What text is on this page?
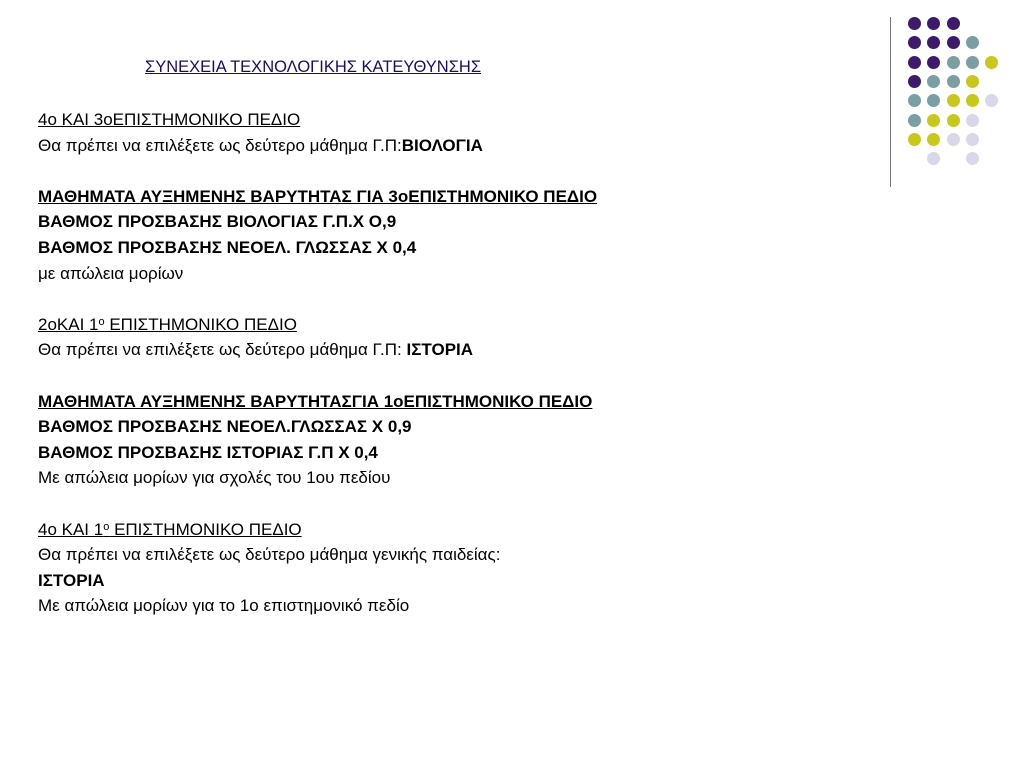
ΣΥΝΕΧΕΙΑ ΤΕΧΝΟΛΟΓΙΚΗΣ ΚΑΤΕΥΘΥΝΣΗΣ
4ο ΚΑΙ 3οΕΠΙΣΤΗΜΟΝΙΚΟ ΠΕΔΙΟ
Θα πρέπει να επιλέξετε ως δεύτερο μάθημα Γ.Π:ΒΙΟΛΟΓΙΑ
ΜΑΘΗΜΑΤΑ ΑΥΞΗΜΕΝΗΣ ΒΑΡΥΤΗΤΑΣ ΓΙΑ 3οΕΠΙΣΤΗΜΟΝΙΚΟ ΠΕΔΙΟ
ΒΑΘΜΟΣ ΠΡΟΣΒΑΣΗΣ ΒΙΟΛΟΓΙΑΣ Γ.Π.Χ Ο,9
ΒΑΘΜΟΣ ΠΡΟΣΒΑΣΗΣ ΝΕΟΕΛ. ΓΛΩΣΣΑΣ Χ 0,4
με απώλεια μορίων
2οΚΑΙ $1^o$ ΕΠΙΣΤΗΜΟΝΙΚΟ ΠΕΔΙΟ
Θα πρέπει να επιλέξετε ως δεύτερο μάθημα Γ.Π: ΙΣΤΟΡΙΑ
ΜΑΘΗΜΑΤΑ ΑΥΞΗΜΕΝΗΣ ΒΑΡΥΤΗΤΑΣΓΙΑ 1οΕΠΙΣΤΗΜΟΝΙΚΟ ΠΕΔΙΟ
ΒΑΘΜΟΣ ΠΡΟΣΒΑΣΗΣ ΝΕΟΕΛ.ΓΛΩΣΣΑΣ Χ 0,9
ΒΑΘΜΟΣ ΠΡΟΣΒΑΣΗΣ ΙΣΤΟΡΙΑΣ Γ.Π Χ 0,4
Με απώλεια μορίων για σχολές του 1ου πεδίου
4ο ΚΑΙ $1^o$ ΕΠΙΣΤΗΜΟΝΙΚΟ ΠΕΔΙΟ
Θα πρέπει να επιλέξετε ως δεύτερο μάθημα γενικής παιδείας:
ΙΣΤΟΡΙΑ
Με απώλεια μορίων για το 1ο επιστημονικό πεδίο
